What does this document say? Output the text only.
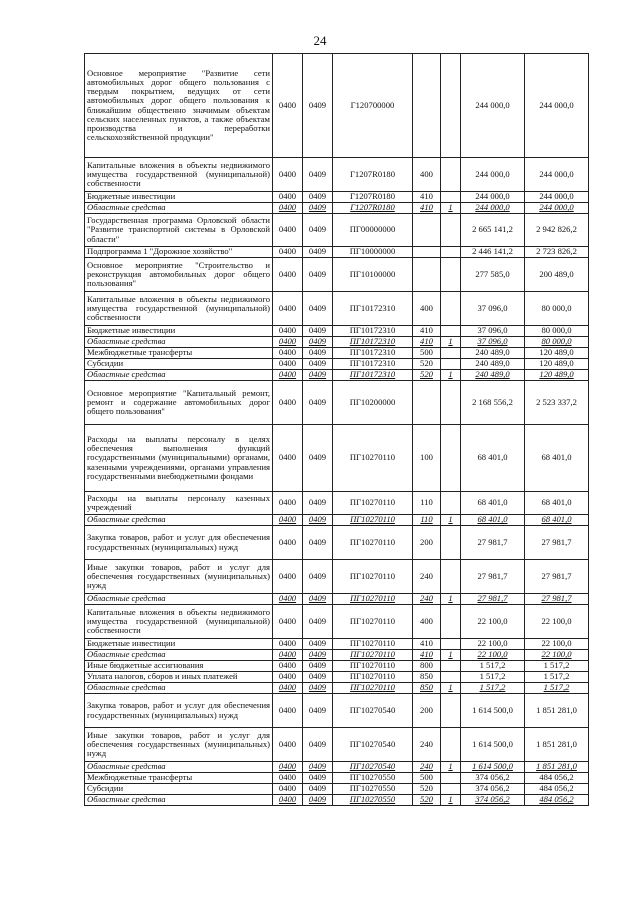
24
Основное мероприятие "Развитие сети автомобильных дорог общего пользования с твердым покрытием, ведущих от сети автомобильных дорог общего пользования к ближайшим общественно значимым объектам сельских населенных пунктов, а также объектам производства и переработки сельскохозяйственной продукции"	0400	0409	Г120700000			244 000,0	244 000,0
Капитальные вложения в объекты недвижимого имущества государственной (муниципальной) собственности	0400	0409	Г1207R0180	400		244 000,0	244 000,0
Бюджетные инвестиции	0400	0409	Г1207R0180	410		244 000,0	244 000,0
Областные средства	0400	0409	Г1207R0180	410	1	244 000,0	244 000,0
Государственная программа Орловской области "Развитие транспортной системы в Орловской области"	0400	0409	ПГ00000000			2 665 141,2	2 942 826,2
Подпрограмма 1 "Дорожное хозяйство"	0400	0409	ПГ10000000			2 446 141,2	2 723 826,2
Основное мероприятие "Строительство и реконструкция автомобильных дорог общего пользования"	0400	0409	ПГ10100000			277 585,0	200 489,0
Капитальные вложения в объекты недвижимого имущества государственной (муниципальной) собственности	0400	0409	ПГ10172310	400		37 096,0	80 000,0
Бюджетные инвестиции	0400	0409	ПГ10172310	410		37 096,0	80 000,0
Областные средства	0400	0409	ПГ10172310	410	1	37 096,0	80 000,0
Межбюджетные трансферты	0400	0409	ПГ10172310	500		240 489,0	120 489,0
Субсидии	0400	0409	ПГ10172310	520		240 489,0	120 489,0
Областные средства	0400	0409	ПГ10172310	520	1	240 489,0	120 489,0
Основное мероприятие "Капитальный ремонт, ремонт и содержание автомобильных дорог общего пользования"	0400	0409	ПГ10200000			2 168 556,2	2 523 337,2
Расходы на выплаты персоналу в целях обеспечения выполнения функций государственными (муниципальными) органами, казенными учреждениями, органами управления государственными внебюджетными фондами	0400	0409	ПГ10270110	100		68 401,0	68 401,0
Расходы на выплаты персоналу казенных учреждений	0400	0409	ПГ10270110	110		68 401,0	68 401,0
Областные средства	0400	0409	ПГ10270110	110	1	68 401,0	68 401,0
Закупка товаров, работ и услуг для обеспечения государственных (муниципальных) нужд	0400	0409	ПГ10270110	200		27 981,7	27 981,7
Иные закупки товаров, работ и услуг для обеспечения государственных (муниципальных) нужд	0400	0409	ПГ10270110	240		27 981,7	27 981,7
Областные средства	0400	0409	ПГ10270110	240	1	27 981,7	27 981,7
Капитальные вложения в объекты недвижимого имущества государственной (муниципальной) собственности	0400	0409	ПГ10270110	400		22 100,0	22 100,0
Бюджетные инвестиции	0400	0409	ПГ10270110	410		22 100,0	22 100,0
Областные средства	0400	0409	ПГ10270110	410	1	22 100,0	22 100,0
Иные бюджетные ассигнования	0400	0409	ПГ10270110	800		1 517,2	1 517,2
Уплата налогов, сборов и иных платежей	0400	0409	ПГ10270110	850		1 517,2	1 517,2
Областные средства	0400	0409	ПГ10270110	850	1	1 517,2	1 517,2
Закупка товаров, работ и услуг для обеспечения государственных (муниципальных) нужд	0400	0409	ПГ10270540	200		1 614 500,0	1 851 281,0
Иные закупки товаров, работ и услуг для обеспечения государственных (муниципальных) нужд	0400	0409	ПГ10270540	240		1 614 500,0	1 851 281,0
Областные средства	0400	0409	ПГ10270540	240	1	1 614 500,0	1 851 281,0
Межбюджетные трансферты	0400	0409	ПГ10270550	500		374 056,2	484 056,2
Субсидии	0400	0409	ПГ10270550	520		374 056,2	484 056,2
Областные средства	0400	0409	ПГ10270550	520	1	374 056,2	484 056,2
